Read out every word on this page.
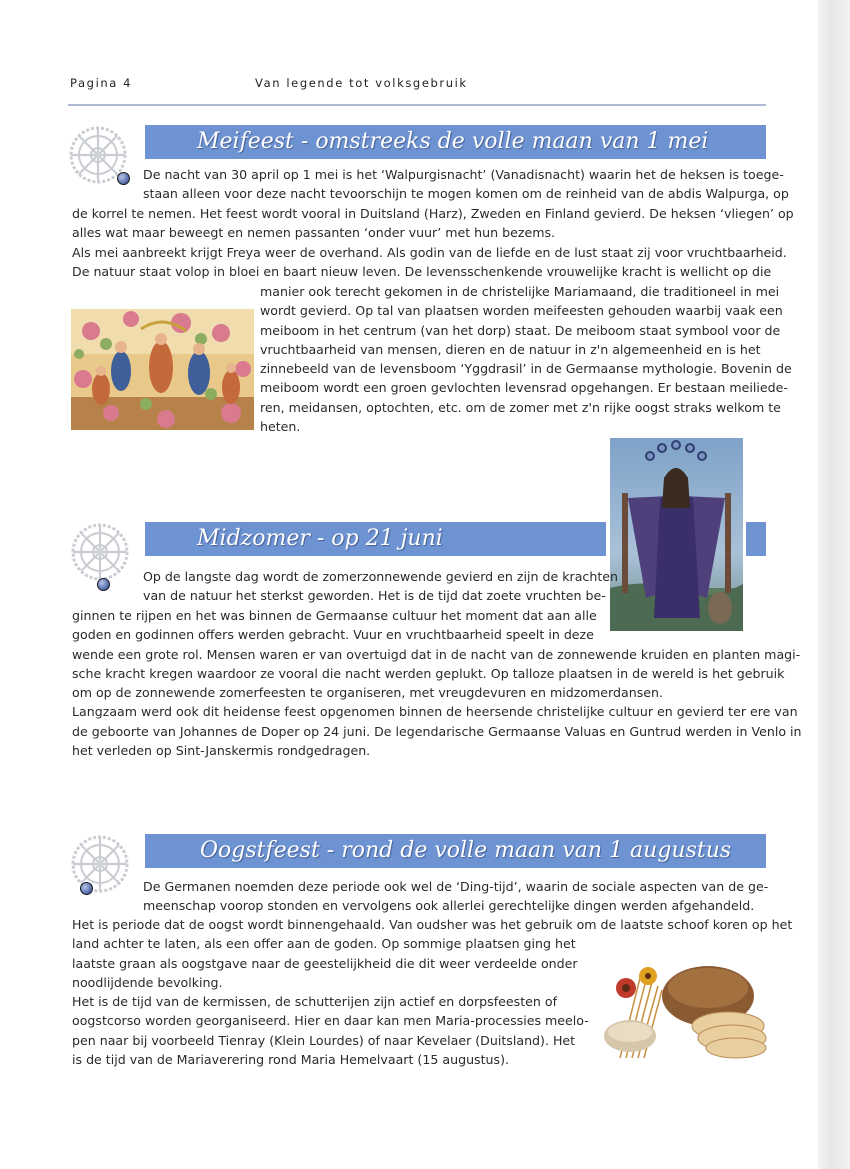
Pagina 4	Van legende tot volksgebruik
Meifeest - omstreeks de volle maan van 1 mei
De nacht van 30 april op 1 mei is het ‘Walpurgisnacht’ (Vanadisnacht) waarin het de heksen is toege-
staan alleen voor deze nacht tevoorschijn te mogen komen om de reinheid van de abdis Walpurga, op
de korrel te nemen. Het feest wordt vooral in Duitsland (Harz), Zweden en Finland gevierd. De heksen ‘vliegen’ op
alles wat maar beweegt en nemen passanten ‘onder vuur’ met hun bezems.
Als mei aanbreekt krijgt Freya weer de overhand. Als godin van de liefde en de lust staat zij voor vruchtbaarheid.
De natuur staat volop in bloei en baart nieuw leven. De levensschenkende vrouwelijke kracht is wellicht op die
manier ook terecht gekomen in de christelijke Mariamaand, die traditioneel in mei
wordt gevierd. Op tal van plaatsen worden meifeesten gehouden waarbij vaak een
meiboom in het centrum (van het dorp) staat. De meiboom staat symbool voor de
vruchtbaarheid van mensen, dieren en de natuur in z'n algemeenheid en is het
zinnebeeld van de levensboom ‘Yggdrasil’ in de Germaanse mythologie. Bovenin de
meiboom wordt een groen gevlochten levensrad opgehangen. Er bestaan meiliede-
ren, meidansen, optochten, etc. om de zomer met z'n rijke oogst straks welkom te
heten.
Midzomer - op 21 juni
Op de langste dag wordt de zomerzonnewende gevierd en zijn de krachten
van de natuur het sterkst geworden. Het is de tijd dat zoete vruchten be-
ginnen te rijpen en het was binnen de Germaanse cultuur het moment dat aan alle
goden en godinnen offers werden gebracht. Vuur en vruchtbaarheid speelt in deze
wende een grote rol. Mensen waren er van overtuigd dat in de nacht van de zonnewende kruiden en planten magi-
sche kracht kregen waardoor ze vooral die nacht werden geplukt. Op talloze plaatsen in de wereld is het gebruik
om op de zonnewende zomerfeesten te organiseren, met vreugdevuren en midzomerdansen.
Langzaam werd ook dit heidense feest opgenomen binnen de heersende christelijke cultuur en gevierd ter ere van
de geboorte van Johannes de Doper op 24 juni. De legendarische Germaanse Valuas en Guntrud werden in Venlo in
het verleden op Sint-Janskermis rondgedragen.
Oogstfeest - rond de volle maan van 1 augustus
De Germanen noemden deze periode ook wel de ‘Ding-tijd’, waarin de sociale aspecten van de ge-
meenschap voorop stonden en vervolgens ook allerlei gerechtelijke dingen werden afgehandeld.
Het is periode dat de oogst wordt binnengehaald. Van oudsher was het gebruik om de laatste schoof koren op het
land achter te laten, als een offer aan de goden. Op sommige plaatsen ging het
laatste graan als oogstgave naar de geestelijkheid die dit weer verdeelde onder
noodlijdende bevolking.
Het is de tijd van de kermissen, de schutterijen zijn actief en dorpsfeesten of
oogstcorso worden georganiseerd. Hier en daar kan men Maria-processies meelo-
pen naar bij voorbeeld Tienray (Klein Lourdes) of naar Kevelaer (Duitsland). Het
is de tijd van de Mariaverering rond Maria Hemelvaart (15 augustus).
